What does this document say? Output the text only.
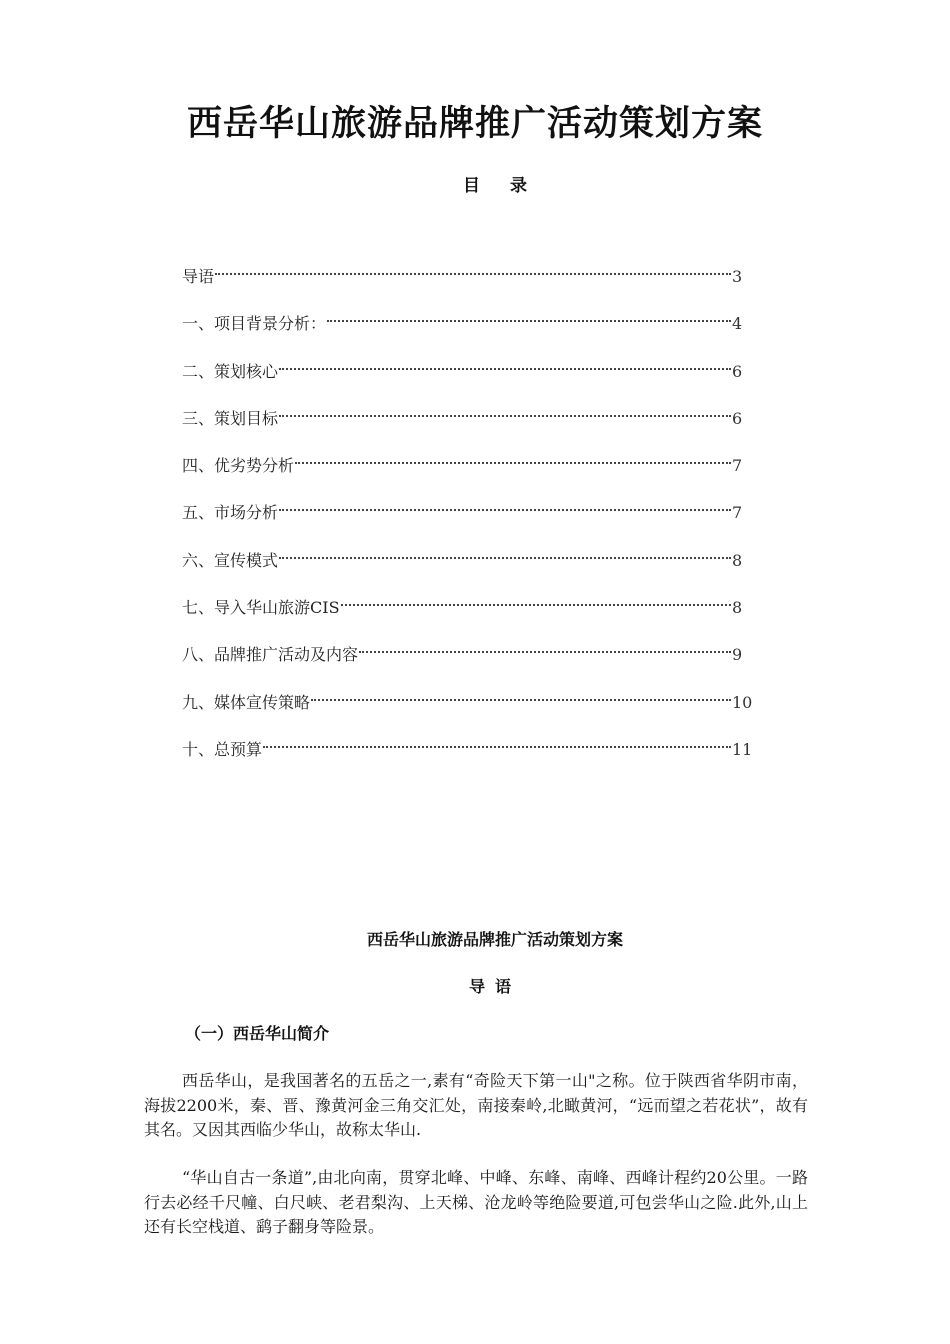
西岳华山旅游品牌推广活动策划方案
目 录
导语	3
一、项目背景分析：	4
二、策划核心	6
三、策划目标	6
四、优劣势分析	7
五、市场分析	7
六、宣传模式	8
七、导入华山旅游CIS	8
八、品牌推广活动及内容	9
九、媒体宣传策略	10
十、总预算	11
西岳华山旅游品牌推广活动策划方案
导语
（一）西岳华山简介

西岳华山，是我国著名的五岳之一,素有“奇险天下第一山"之称。位于陕西省华阴市南，海拔2200米，秦、晋、豫黄河金三角交汇处，南接秦岭,北瞰黄河，“远而望之若花状”，故有其名。又因其西临少华山，故称太华山.

“华山自古一条道”,由北向南，贯穿北峰、中峰、东峰、南峰、西峰计程约20公里。一路行去必经千尺幢、白尺峡、老君梨沟、上天梯、沧龙岭等绝险要道,可包尝华山之险.此外,山上还有长空栈道、鹞子翻身等险景。
